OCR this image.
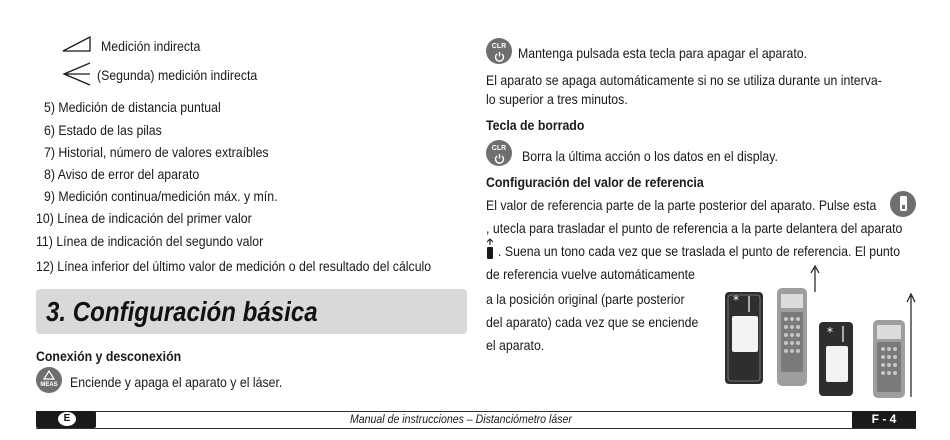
Medición indirecta
(Segunda) medición indirecta
5) Medición de distancia puntual
6) Estado de las pilas
7) Historial, número de valores extraíbles
8) Aviso de error del aparato
9) Medición continua/medición máx. y mín.
10) Línea de indicación del primer valor
11) Línea de indicación del segundo valor
12) Línea inferior del último valor de medición o del resultado del cálculo
3. Configuración básica
Conexión y desconexión
MEAS Enciende y apaga el aparato y el láser.
CLR Mantenga pulsada esta tecla para apagar el aparato.
El aparato se apaga automáticamente si no se utiliza durante un interva-
lo superior a tres minutos.
Tecla de borrado
CLR	Borra la última acción o los datos en el display.
Configuración del valor de referencia
El valor de referencia parte de la parte posterior del aparato. Pulse esta
, utecla para trasladar el punto de referencia a la parte delantera del aparato
. Suena un tono cada vez que se traslada el punto de referencia. El punto
de referencia vuelve automáticamente
a la posición original (parte posterior
del aparato) cada vez que se enciende
el aparato.
*
*
E	Manual de instrucciones – Distanciómetro láser	F - 4
